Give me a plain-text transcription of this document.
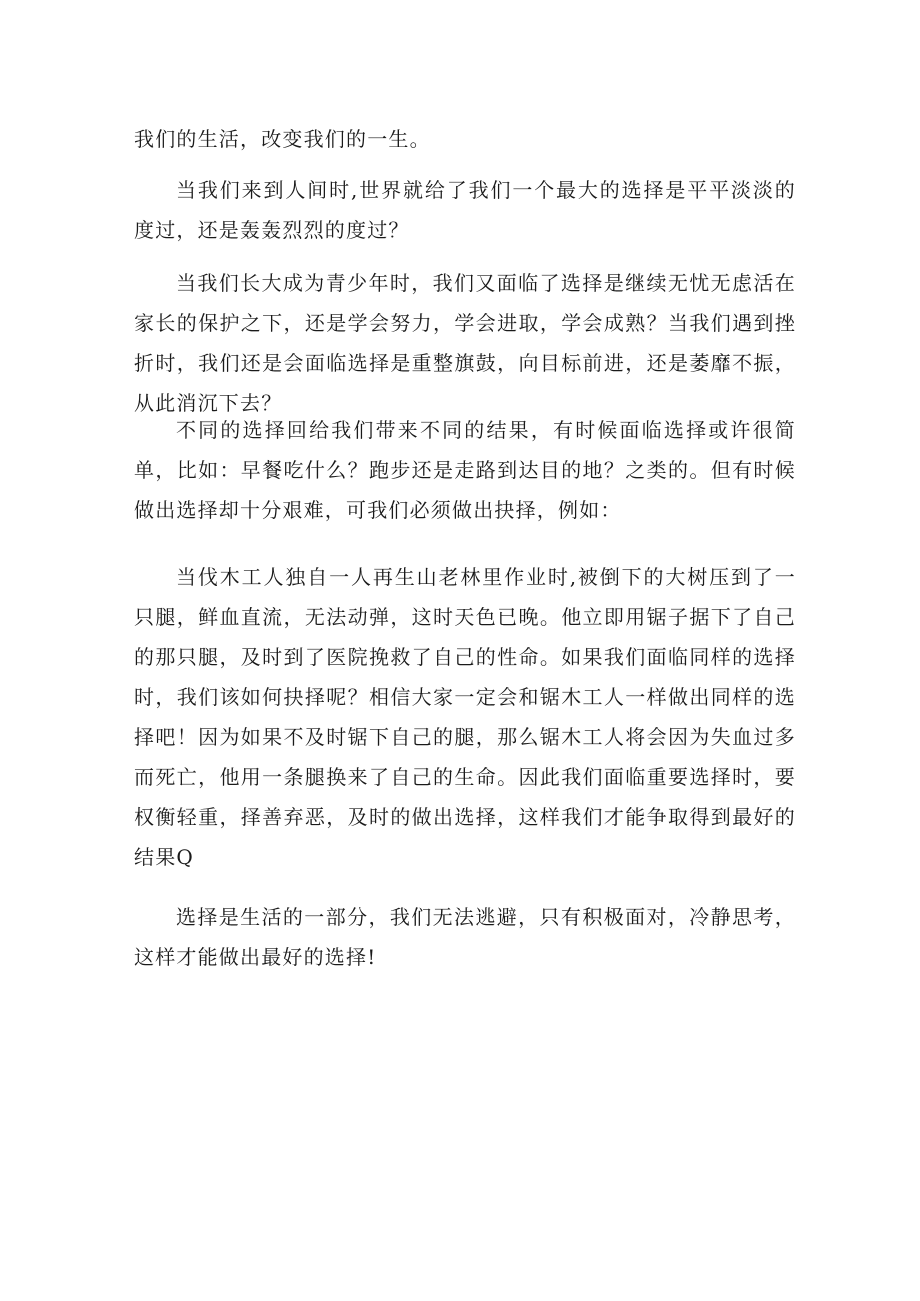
我们的生活，改变我们的一生。

当我们来到人间时,世界就给了我们一个最大的选择是平平淡淡的度过，还是轰轰烈烈的度过？

当我们长大成为青少年时，我们又面临了选择是继续无忧无虑活在家长的保护之下，还是学会努力，学会进取，学会成熟？当我们遇到挫折时，我们还是会面临选择是重整旗鼓，向目标前进，还是萎靡不振，从此消沉下去？

不同的选择回给我们带来不同的结果，有时候面临选择或许很简单，比如：早餐吃什么？跑步还是走路到达目的地？之类的。但有时候做出选择却十分艰难，可我们必须做出抉择，例如：

当伐木工人独自一人再生山老林里作业时,被倒下的大树压到了一只腿，鲜血直流，无法动弹，这时天色已晚。他立即用锯子据下了自己的那只腿，及时到了医院挽救了自己的性命。如果我们面临同样的选择时，我们该如何抉择呢？相信大家一定会和锯木工人一样做出同样的选择吧！因为如果不及时锯下自己的腿，那么锯木工人将会因为失血过多而死亡，他用一条腿换来了自己的生命。因此我们面临重要选择时，要权衡轻重，择善弃恶，及时的做出选择，这样我们才能争取得到最好的结果Q

选择是生活的一部分，我们无法逃避，只有积极面对，冷静思考，这样才能做出最好的选择!
